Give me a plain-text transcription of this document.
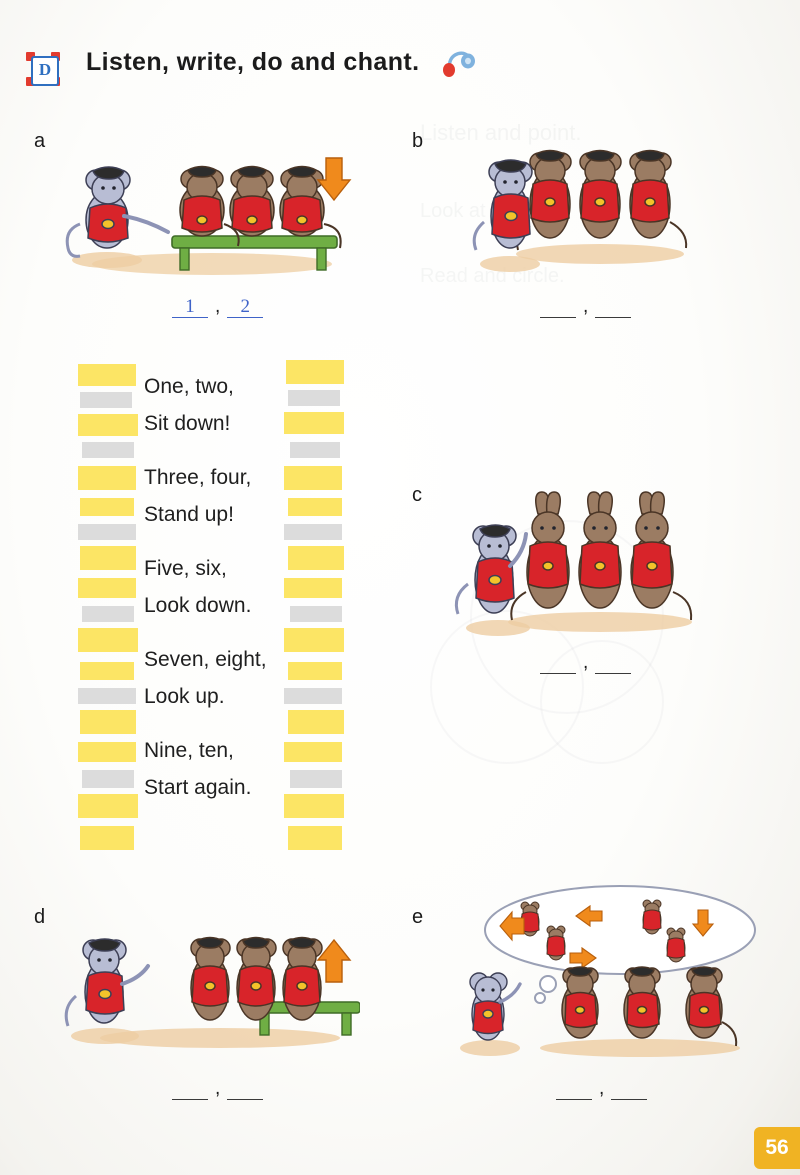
Listen and point.
Look at
Read and circle.
D	Listen, write, do and chant.
a
1	,	2
b
,
One, two,
Sit down!
Three, four,
Stand up!
Five, six,
Look down.
Seven, eight,
Look up.
Nine, ten,
Start again.
c
,
d
,
e
,
56
